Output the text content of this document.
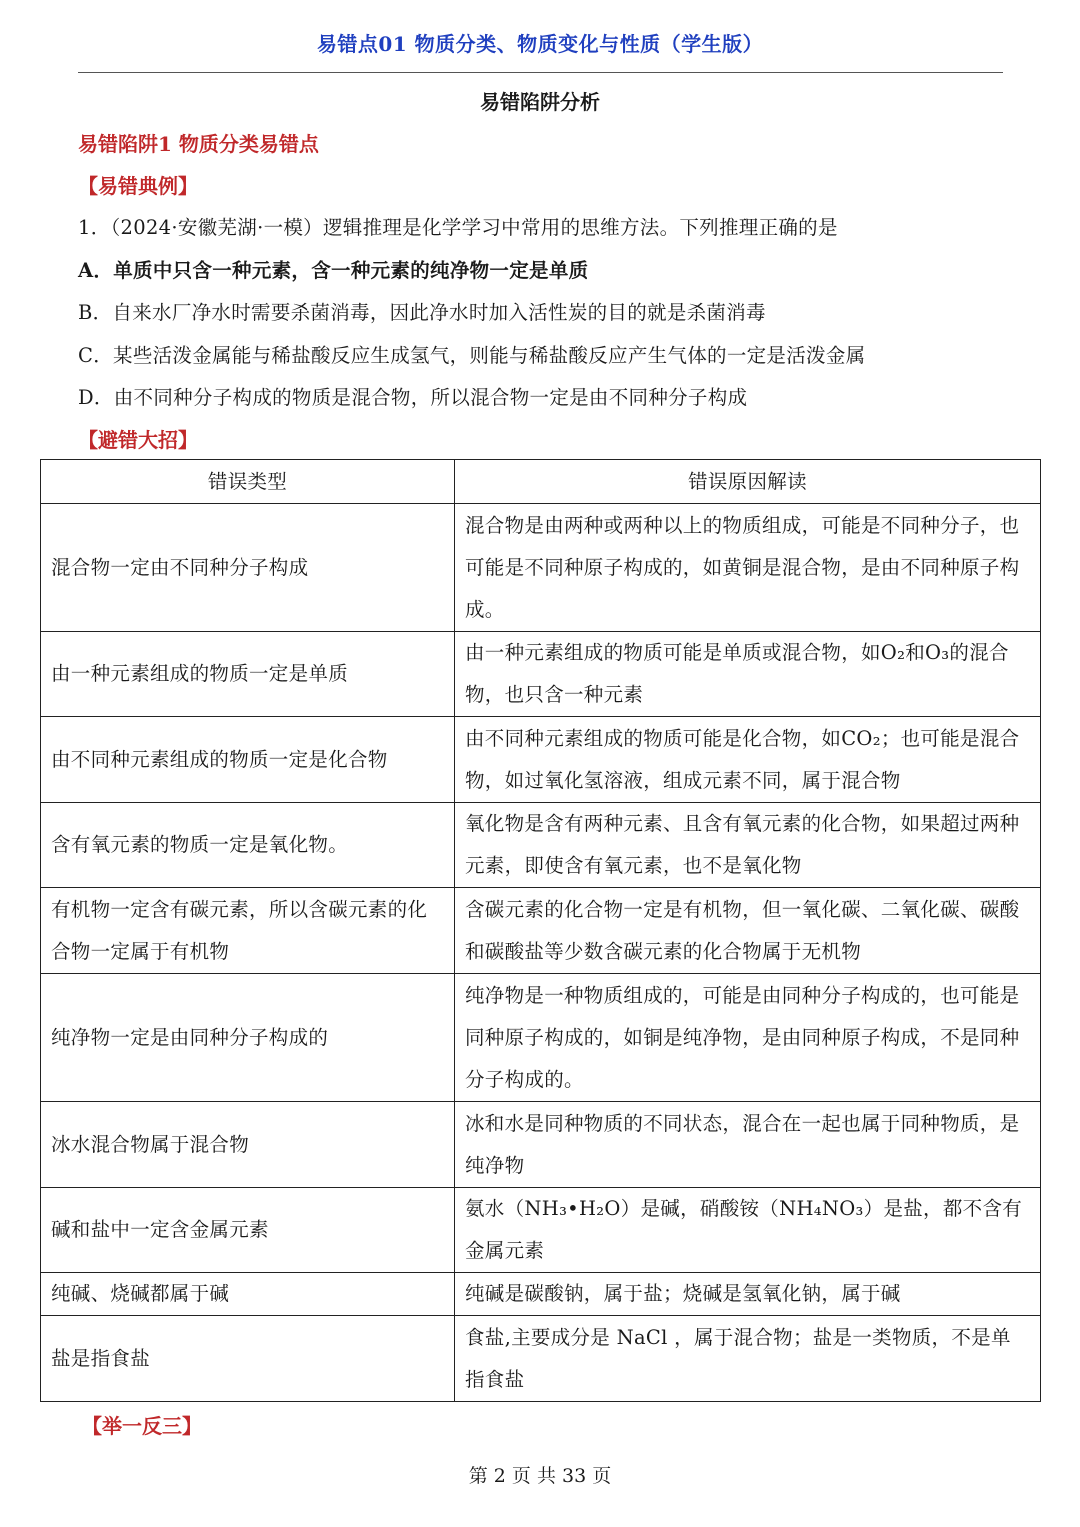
易错点01 物质分类、物质变化与性质（学生版）
易错陷阱分析
易错陷阱1 物质分类易错点
【易错典例】
1．（2024·安徽芜湖·一模）逻辑推理是化学学习中常用的思维方法。下列推理正确的是
A．单质中只含一种元素，含一种元素的纯净物一定是单质
B．自来水厂净水时需要杀菌消毒，因此净水时加入活性炭的目的就是杀菌消毒
C．某些活泼金属能与稀盐酸反应生成氢气，则能与稀盐酸反应产生气体的一定是活泼金属
D．由不同种分子构成的物质是混合物，所以混合物一定是由不同种分子构成
【避错大招】
错误类型	错误原因解读
混合物一定由不同种分子构成	混合物是由两种或两种以上的物质组成，可能是不同种分子，也可能是不同种原子构成的，如黄铜是混合物，是由不同种原子构成。
由一种元素组成的物质一定是单质	由一种元素组成的物质可能是单质或混合物，如O₂和O₃的混合物，也只含一种元素
由不同种元素组成的物质一定是化合物	由不同种元素组成的物质可能是化合物，如CO₂；也可能是混合物，如过氧化氢溶液，组成元素不同，属于混合物
含有氧元素的物质一定是氧化物。	氧化物是含有两种元素、且含有氧元素的化合物，如果超过两种元素，即使含有氧元素，也不是氧化物
有机物一定含有碳元素，所以含碳元素的化合物一定属于有机物	含碳元素的化合物一定是有机物，但一氧化碳、二氧化碳、碳酸和碳酸盐等少数含碳元素的化合物属于无机物
纯净物一定是由同种分子构成的	纯净物是一种物质组成的，可能是由同种分子构成的，也可能是同种原子构成的，如铜是纯净物，是由同种原子构成，不是同种分子构成的。
冰水混合物属于混合物	冰和水是同种物质的不同状态，混合在一起也属于同种物质，是纯净物
碱和盐中一定含金属元素	氨水（NH₃•H₂O）是碱，硝酸铵（NH₄NO₃）是盐，都不含有金属元素
纯碱、烧碱都属于碱	纯碱是碳酸钠，属于盐；烧碱是氢氧化钠，属于碱
盐是指食盐	食盐,主要成分是 NaCl ，属于混合物；盐是一类物质，不是单指食盐
【举一反三】
第 2 页 共 33 页
